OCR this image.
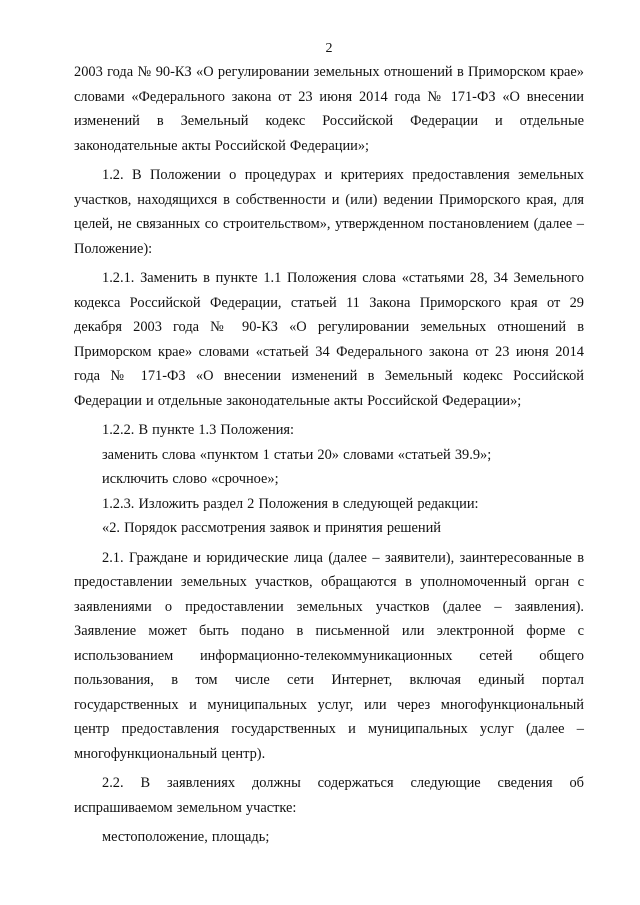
2

2003 года № 90-КЗ «О регулировании земельных отношений в Приморском крае» словами «Федерального закона от 23 июня 2014 года № 171-ФЗ «О внесении изменений в Земельный кодекс Российской Федерации и отдельные законодательные акты Российской Федерации»;

1.2. В Положении о процедурах и критериях предоставления земельных участков, находящихся в собственности и (или) ведении Приморского края, для целей, не связанных со строительством», утвержденном постановлением (далее – Положение):

1.2.1. Заменить в пункте 1.1 Положения слова «статьями 28, 34 Земельного кодекса Российской Федерации, статьей 11 Закона Приморского края от 29 декабря 2003 года № 90-КЗ «О регулировании земельных отношений в Приморском крае» словами «статьей 34 Федерального закона от 23 июня 2014 года № 171-ФЗ «О внесении изменений в Земельный кодекс Российской Федерации и отдельные законодательные акты Российской Федерации»;

1.2.2. В пункте 1.3 Положения:

заменить слова «пунктом 1 статьи 20» словами «статьей 39.9»;

исключить слово «срочное»;

1.2.3. Изложить раздел 2 Положения в следующей редакции:

«2. Порядок рассмотрения заявок и принятия решений

2.1. Граждане и юридические лица (далее – заявители), заинтересованные в предоставлении земельных участков, обращаются в уполномоченный орган с заявлениями о предоставлении земельных участков (далее – заявления). Заявление может быть подано в письменной или электронной форме с использованием информационно-телекоммуникационных сетей общего пользования, в том числе сети Интернет, включая единый портал государственных и муниципальных услуг, или через многофункциональный центр предоставления государственных и муниципальных услуг (далее – многофункциональный центр).

2.2. В заявлениях должны содержаться следующие сведения об испрашиваемом земельном участке:

местоположение, площадь;
